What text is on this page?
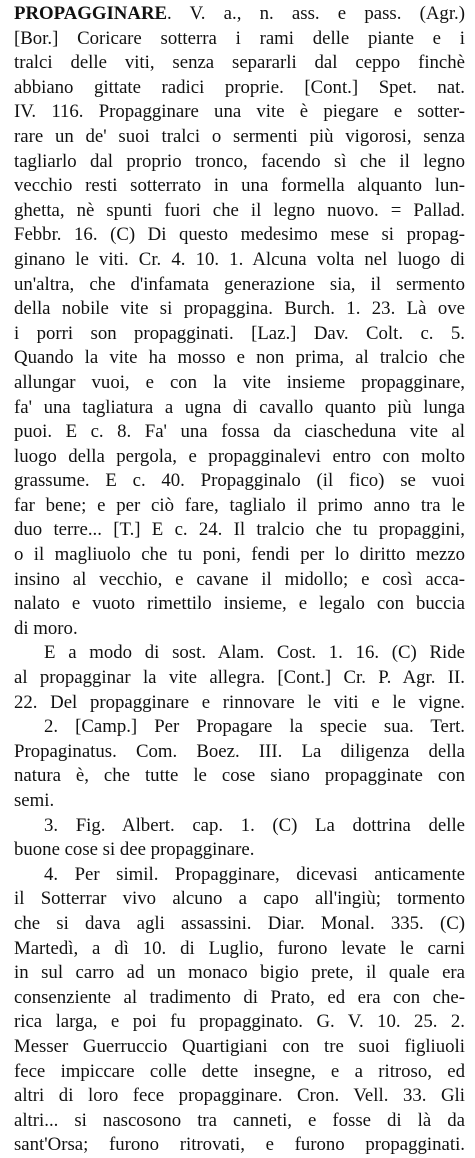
PROPAGGINARE. V. a., n. ass. e pass. (Agr.)
[Bor.] Coricare sotterra i rami delle piante e i
tralci delle viti, senza separarli dal ceppo finchè
abbiano gittate radici proprie. [Cont.] Spet. nat.
IV. 116. Propagginare una vite è piegare e sotter-
rare un de' suoi tralci o sermenti più vigorosi, senza
tagliarlo dal proprio tronco, facendo sì che il legno
vecchio resti sotterrato in una formella alquanto lun-
ghetta, nè spunti fuori che il legno nuovo. = Pallad.
Febbr. 16. (C) Di questo medesimo mese si propag-
ginano le viti. Cr. 4. 10. 1. Alcuna volta nel luogo di
un'altra, che d'infamata generazione sia, il sermento
della nobile vite si propaggina. Burch. 1. 23. Là ove
i porri son propagginati. [Laz.] Dav. Colt. c. 5.
Quando la vite ha mosso e non prima, al tralcio che
allungar vuoi, e con la vite insieme propagginare,
fa' una tagliatura a ugna di cavallo quanto più lunga
puoi. E c. 8. Fa' una fossa da ciascheduna vite al
luogo della pergola, e propagginalevi entro con molto
grassume. E c. 40. Propagginalo (il fico) se vuoi
far bene; e per ciò fare, taglialo il primo anno tra le
duo terre... [T.] E c. 24. Il tralcio che tu propaggini,
o il magliuolo che tu poni, fendi per lo diritto mezzo
insino al vecchio, e cavane il midollo; e così acca-
nalato e vuoto rimettilo insieme, e legalo con buccia
di moro.
E a modo di sost. Alam. Cost. 1. 16. (C) Ride
al propagginar la vite allegra. [Cont.] Cr. P. Agr. II.
22. Del propagginare e rinnovare le viti e le vigne.
2. [Camp.] Per Propagare la specie sua. Tert.
Propaginatus. Com. Boez. III. La diligenza della
natura è, che tutte le cose siano propagginate con
semi.
3. Fig. Albert. cap. 1. (C) La dottrina delle
buone cose si dee propagginare.
4. Per simil. Propagginare, dicevasi anticamente
il Sotterrar vivo alcuno a capo all'ingiù; tormento
che si dava agli assassini. Diar. Monal. 335. (C)
Martedì, a dì 10. di Luglio, furono levate le carni
in sul carro ad un monaco bigio prete, il quale era
consenziente al tradimento di Prato, ed era con che-
rica larga, e poi fu propagginato. G. V. 10. 25. 2.
Messer Guerruccio Quartigiani con tre suoi figliuoli
fece impiccare colle dette insegne, e a ritroso, ed
altri di loro fece propagginare. Cron. Vell. 33. Gli
altri... si nascosono tra canneti, e fosse di là da
sant'Orsa; furono ritrovati, e furono propagginati.
